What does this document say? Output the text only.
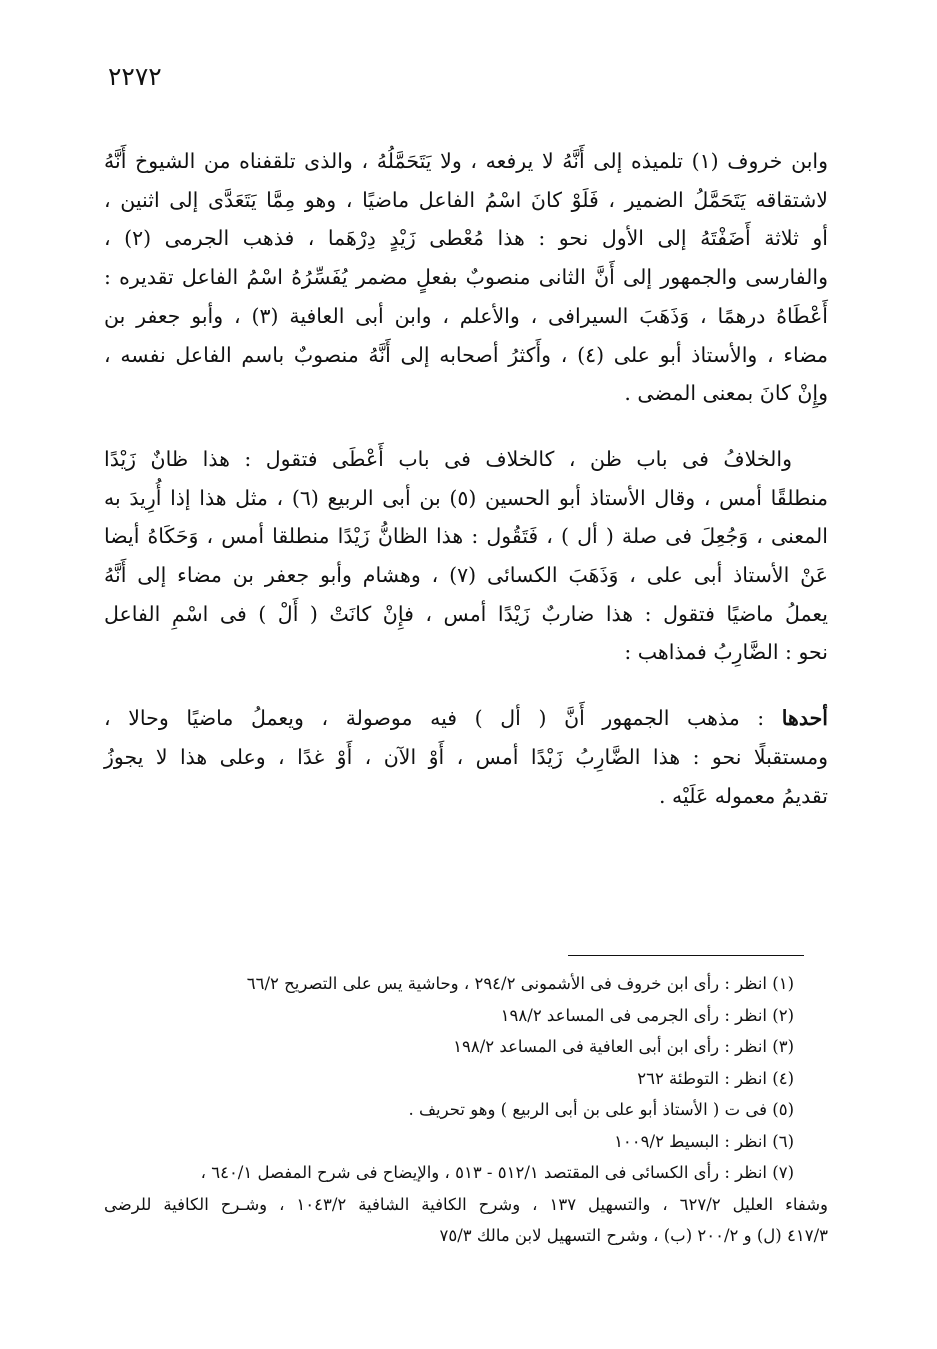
٢٢٧٢

وابن خروف (١) تلميذه إلى أَنَّهُ لا يرفعه ، ولا يَتَحَمَّلُهُ ، والذى تلقفناه من الشيوخ أَنَّهُ
لاشتقاقه يَتَحَمَّلُ الضمير ، فَلَوْ كانَ اسْمُ الفاعل ماضيًا ، وهو مِمَّا يَتَعَدَّى إلى اثنين ،
أو ثلاثة أَضَفْتَهُ إلى الأول نحو : هذا مُعْطى زَيْدٍ دِرْهَما ، فذهب الجرمى (٢) ،
والفارسى والجمهور إلى أَنَّ الثانى منصوبٌ بفعلٍ مضمر يُفَسِّرُهُ اسْمُ الفاعل تقديره :
أَعْطَاهُ درهمًا ، وَذَهَبَ السيرافى ، والأعلم ، وابن أبى العافية (٣) ، وأبو جعفر بن
مضاء ، والأستاذ أبو على (٤) ، وأَكثرُ أصحابه إلى أَنَّهُ منصوبٌ باسم الفاعل نفسه ،
وإِنْ كانَ بمعنى المضى .

والخلافُ فى باب ظن ، كالخلاف فى باب أَعْطَى فتقول : هذا ظانٌ زَيْدًا
منطلقًا أمس ، وقال الأستاذ أبو الحسين (٥) بن أبى الربيع (٦) ، مثل هذا إذا أُرِيدَ به
المعنى ، وَجُعِلَ فى صلة ( أل ) ، فَتَقُول : هذا الظانُّ زَيْدًا منطلقا أمس ، وَحَكَاهُ أيضا
عَنْ الأستاذ أبى على ، وَذَهَبَ الكسائى (٧) ، وهشام وأبو جعفر بن مضاء إلى أَنَّهُ
يعملُ ماضيًا فتقول : هذا ضاربٌ زَيْدًا أمس ، فإِنْ كانَتْ ( أَلْ ) فى اسْمِ الفاعل
نحو : الضَّارِبُ فمذاهب :

أحدها : مذهب الجمهور أَنَّ ( أل ) فيه موصولة ، ويعملُ ماضيًا وحالا ،
ومستقبلًا نحو : هذا الضَّارِبُ زَيْدًا أمس ، أَوْ الآن ، أَوْ غدًا ، وعلى هذا لا يجوزُ
تقديمُ معموله عَلَيْه .

(١) انظر : رأى ابن خروف فى الأشمونى ٢٩٤/٢ ، وحاشية يس على التصريح ٦٦/٢
(٢) انظر : رأى الجرمى فى المساعد ١٩٨/٢
(٣) انظر : رأى ابن أبى العافية فى المساعد ١٩٨/٢
(٤) انظر : التوطئة ٢٦٢
(٥) فى ت ( الأستاذ أبو على بن أبى الربيع ) وهو تحريف .
(٦) انظر : البسيط ١٠٠٩/٢
(٧) انظر : رأى الكسائى فى المقتصد ٥١٢/١ - ٥١٣ ، والإيضاح فى شرح المفصل ٦٤٠/١ ،
وشفاء العليل ٦٢٧/٢ ، والتسهيل ١٣٧ ، وشرح الكافية الشافية ١٠٤٣/٢ ، وشـرح الكافية للرضى
٤١٧/٣ (ل) و ٢٠٠/٢ (ب) ، وشرح التسهيل لابن مالك ٧٥/٣
